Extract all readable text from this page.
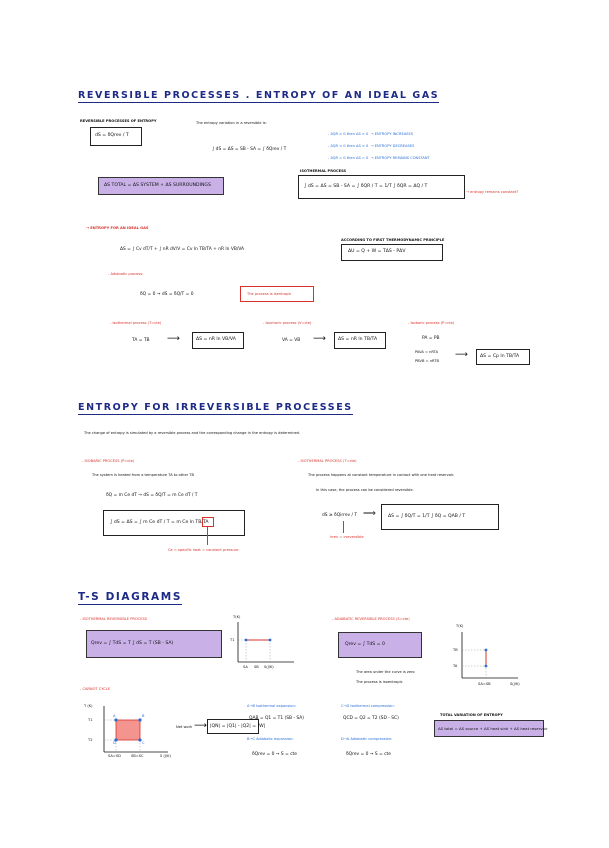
REVERSIBLE PROCESSES . ENTROPY OF AN IDEAL GAS
REVERSIBLE PROCESSES OF ENTROPY
dS = δQrev / T
The entropy variation in a reversible is:
∫ dS = ΔS = SB - SA = ∫ δQrev / T
- δQR > 0 then ΔS > 0 → ENTROPY INCREASES
- δQR < 0 then ΔS < 0 → ENTROPY DECREASES
- δQR = 0 then ΔS = 0 → ENTROPY REMAINS CONSTANT
ΔS TOTAL = ΔS SYSTEM + ΔS SURROUNDINGS
ISOTHERMAL PROCESS
∫ dS = ΔS = SB - SA = ∫ δQR / T = 1/T ∫ δQR = ΔQ / T
→ entropy remains constant?
→ ENTROPY FOR AN IDEAL GAS
ΔS = ∫ Cv dT/T + ∫ nR dV/V = Cv ln TB/TA + nR ln VB/VA
ACCORDING TO FIRST THERMODYNAMIC PRINCIPLE
ΔU = Q + W = TΔS - PΔV
- Adiabatic process:
δQ = 0 → dS = δQ/T = 0	The process is isentropic
- Isothermal process (T=cte)
TA = TB ⟶	ΔS = nR ln VB/VA
- Isochoric process (V=cte)
VA = VB ⟶	ΔS = nR ln TB/TA
- Isobaric process (P=cte)
PA = PB
PAVA = nRTA
PBVB = nRTB
⟶	ΔS = Cp ln TB/TA
ENTROPY FOR IRREVERSIBLE PROCESSES
The change of entropy is simulated by a reversible process and the corresponding change in the entropy is determined.
- ISOBARIC PROCESS (P=cte)
The system is heated from a temperature TA to other TB
δQ = m Ce dT → dS = δQ/T = m Ce dT / T
∫ dS = ΔS = ∫ m Ce dT / T = m Ce ln TB/TA
Ce = specific heat = constant pressure
- ISOTHERMAL PROCESS (T=cte)
The process happens at constant temperature in contact with one heat reservoir.
In this case, the process can be considered reversible.
dS ≥ δQirrev / T ⟹	ΔS = ∫ δQ/T = 1/T ∫ δQ = QAB / T
irrev = irreversible
T-S DIAGRAMS
- ISOTHERMAL REVERSIBLE PROCESS
Qrev = ∫ TdS = T ∫ dS = T (SB - SA)
T(K)
S(J/K)
T1
SA SB
- ADIABATIC REVERSIBLE PROCESS (S=cte)
Qrev = ∫ TdS = 0
The area under the curve is zero
The process is isoentropic
T(K)
S(J/K)
TB
TA
SA=SB
- CARNOT CYCLE
T (K)
T1
T2
SA=SD	SB=SC	S (J/K)
A	B
C
D
Net work ⟶ |QN| = |Q1| - |Q2| = |W|
A→B Isothermal expansion:
QAB = Q1 = T1 (SB - SA)
B→C Adiabatic expansion:
δQrev = 0 → S = cte
C→D Isothermal compression:
QCD = Q2 = T2 (SD - SC)
D→A Adiabatic compression:
δQrev = 0 → S = cte
TOTAL VARIATION OF ENTROPY
ΔS total = ΔS source + ΔS heat sink + ΔS heat reservoir
